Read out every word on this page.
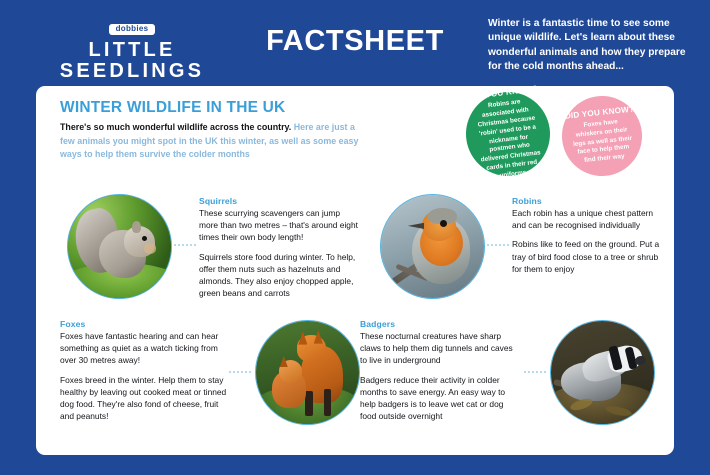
dobbies
LITTLE
SEEDLINGS
FACTSHEET
Winter is a fantastic time to see some unique wildlife. Let's learn about these wonderful animals and how they prepare for the cold months ahead...
WINTER WILDLIFE IN THE UK
There's so much wonderful wildlife across the country. Here are just a few animals you might spot in the UK this winter, as well as some easy ways to help them survive the colder months
Squirrels

These scurrying scavengers can jump more than two metres – that's around eight times their own body length!

Squirrels store food during winter. To help, offer them nuts such as hazelnuts and almonds. They also enjoy chopped apple, green beans and carrots

Robins

Each robin has a unique chest pattern and can be recognised individually

Robins like to feed on the ground. Put a tray of bird food close to a tree or shrub for them to enjoy

Foxes

Foxes have fantastic hearing and can hear something as quiet as a watch ticking from over 30 metres away!

Foxes breed in the winter. Help them to stay healthy by leaving out cooked meat or tinned dog food. They're also fond of cheese, fruit and peanuts!

Badgers

These nocturnal creatures have sharp claws to help them dig tunnels and caves to live in underground

Badgers reduce their activity in colder months to save energy. An easy way to help badgers is to leave wet cat or dog food outside overnight

DID YOU KNOW?
Robins are associated with Christmas because 'robin' used to be a nickname for postmen who delivered Christmas cards in their red uniforms
DID YOU KNOW?
Foxes have whiskers on their legs as well as their face to help them find their way
